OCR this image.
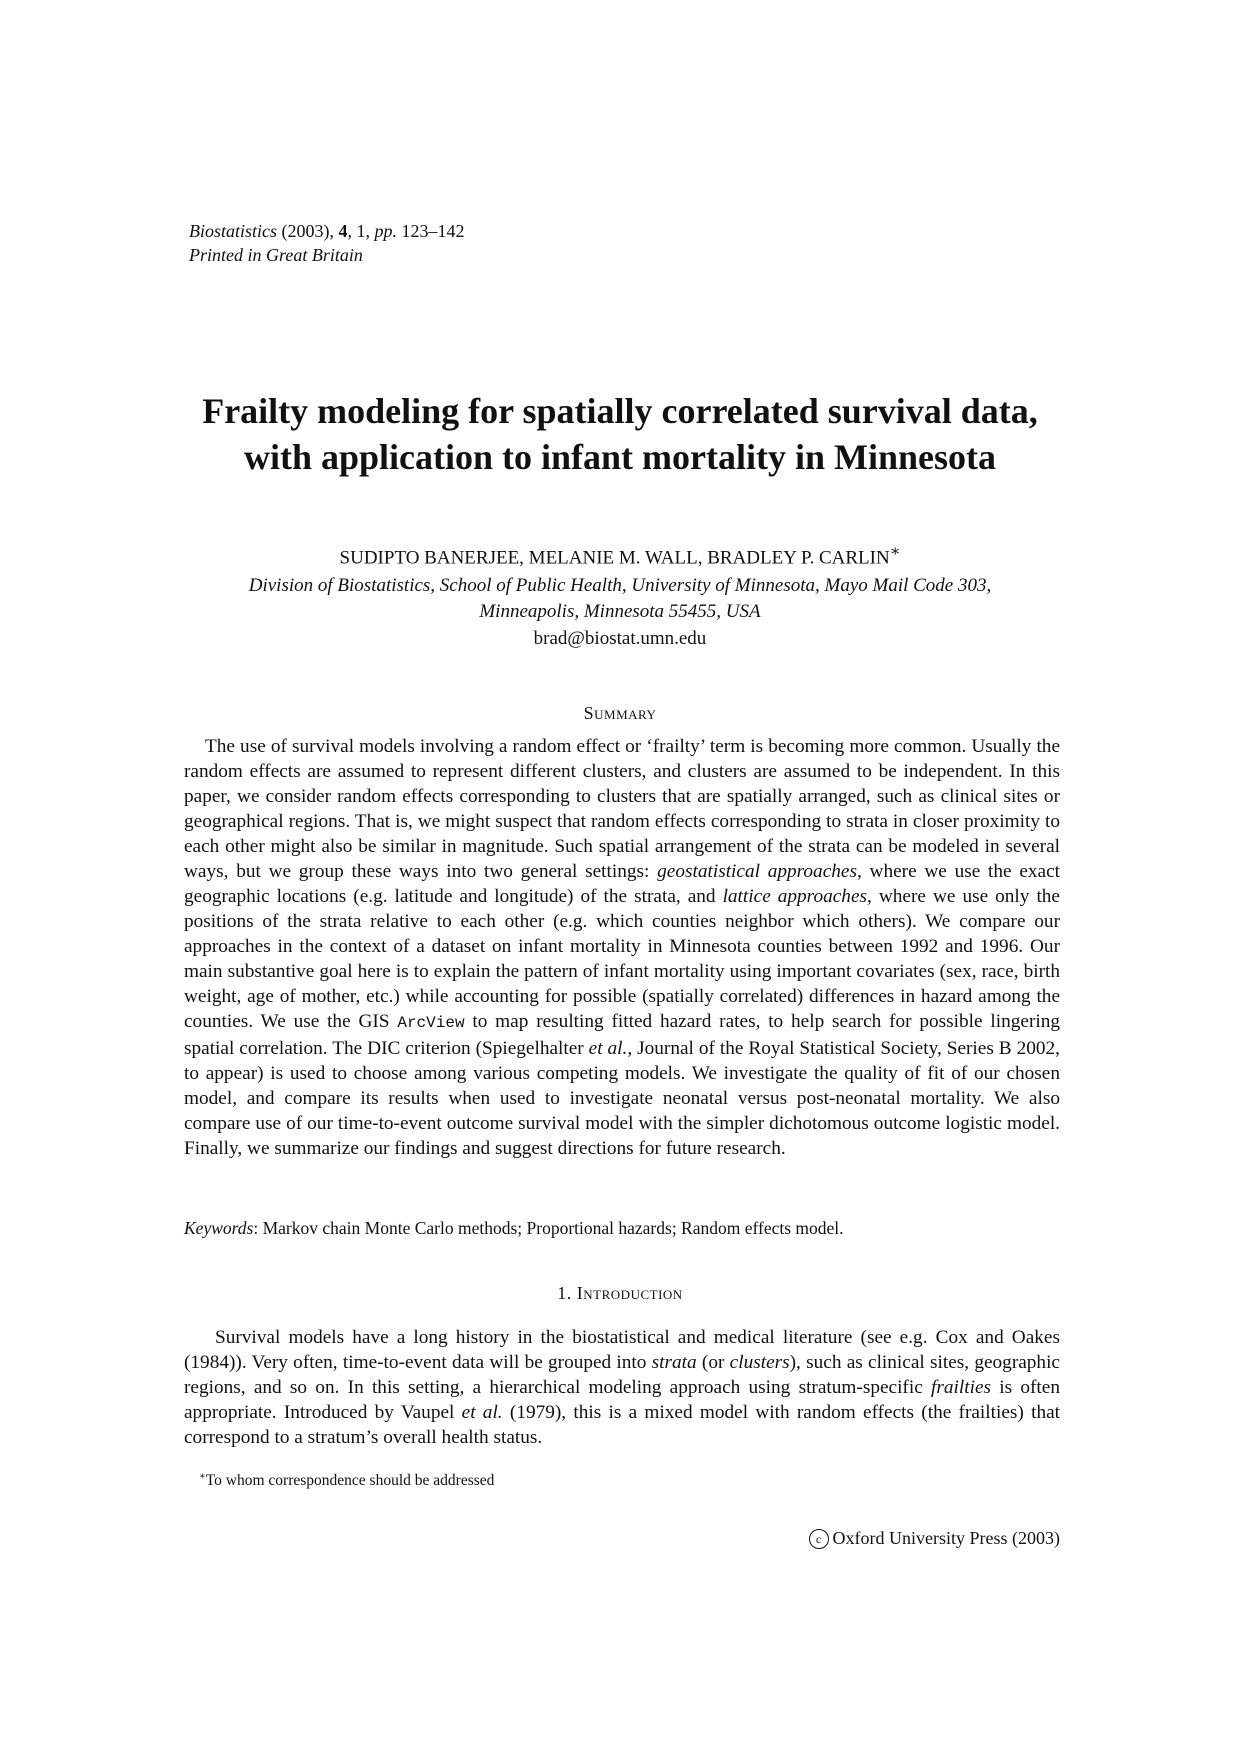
Biostatistics (2003), 4, 1, pp. 123–142
Printed in Great Britain
Frailty modeling for spatially correlated survival data, with application to infant mortality in Minnesota
SUDIPTO BANERJEE, MELANIE M. WALL, BRADLEY P. CARLIN∗
Division of Biostatistics, School of Public Health, University of Minnesota, Mayo Mail Code 303,
Minneapolis, Minnesota 55455, USA
brad@biostat.umn.edu
Summary

The use of survival models involving a random effect or ‘frailty’ term is becoming more common. Usually the random effects are assumed to represent different clusters, and clusters are assumed to be independent. In this paper, we consider random effects corresponding to clusters that are spatially arranged, such as clinical sites or geographical regions. That is, we might suspect that random effects corresponding to strata in closer proximity to each other might also be similar in magnitude. Such spatial arrangement of the strata can be modeled in several ways, but we group these ways into two general settings: geostatistical approaches, where we use the exact geographic locations (e.g. latitude and longitude) of the strata, and lattice approaches, where we use only the positions of the strata relative to each other (e.g. which counties neighbor which others). We compare our approaches in the context of a dataset on infant mortality in Minnesota counties between 1992 and 1996. Our main substantive goal here is to explain the pattern of infant mortality using important covariates (sex, race, birth weight, age of mother, etc.) while accounting for possible (spatially correlated) differences in hazard among the counties. We use the GIS ArcView to map resulting fitted hazard rates, to help search for possible lingering spatial correlation. The DIC criterion (Spiegelhalter et al., Journal of the Royal Statistical Society, Series B 2002, to appear) is used to choose among various competing models. We investigate the quality of fit of our chosen model, and compare its results when used to investigate neonatal versus post-neonatal mortality. We also compare use of our time-to-event outcome survival model with the simpler dichotomous outcome logistic model. Finally, we summarize our findings and suggest directions for future research.

Keywords: Markov chain Monte Carlo methods; Proportional hazards; Random effects model.
1. Introduction

Survival models have a long history in the biostatistical and medical literature (see e.g. Cox and Oakes (1984)). Very often, time-to-event data will be grouped into strata (or clusters), such as clinical sites, geographic regions, and so on. In this setting, a hierarchical modeling approach using stratum-specific frailties is often appropriate. Introduced by Vaupel et al. (1979), this is a mixed model with random effects (the frailties) that correspond to a stratum’s overall health status.

∗To whom correspondence should be addressed
c Oxford University Press (2003)
